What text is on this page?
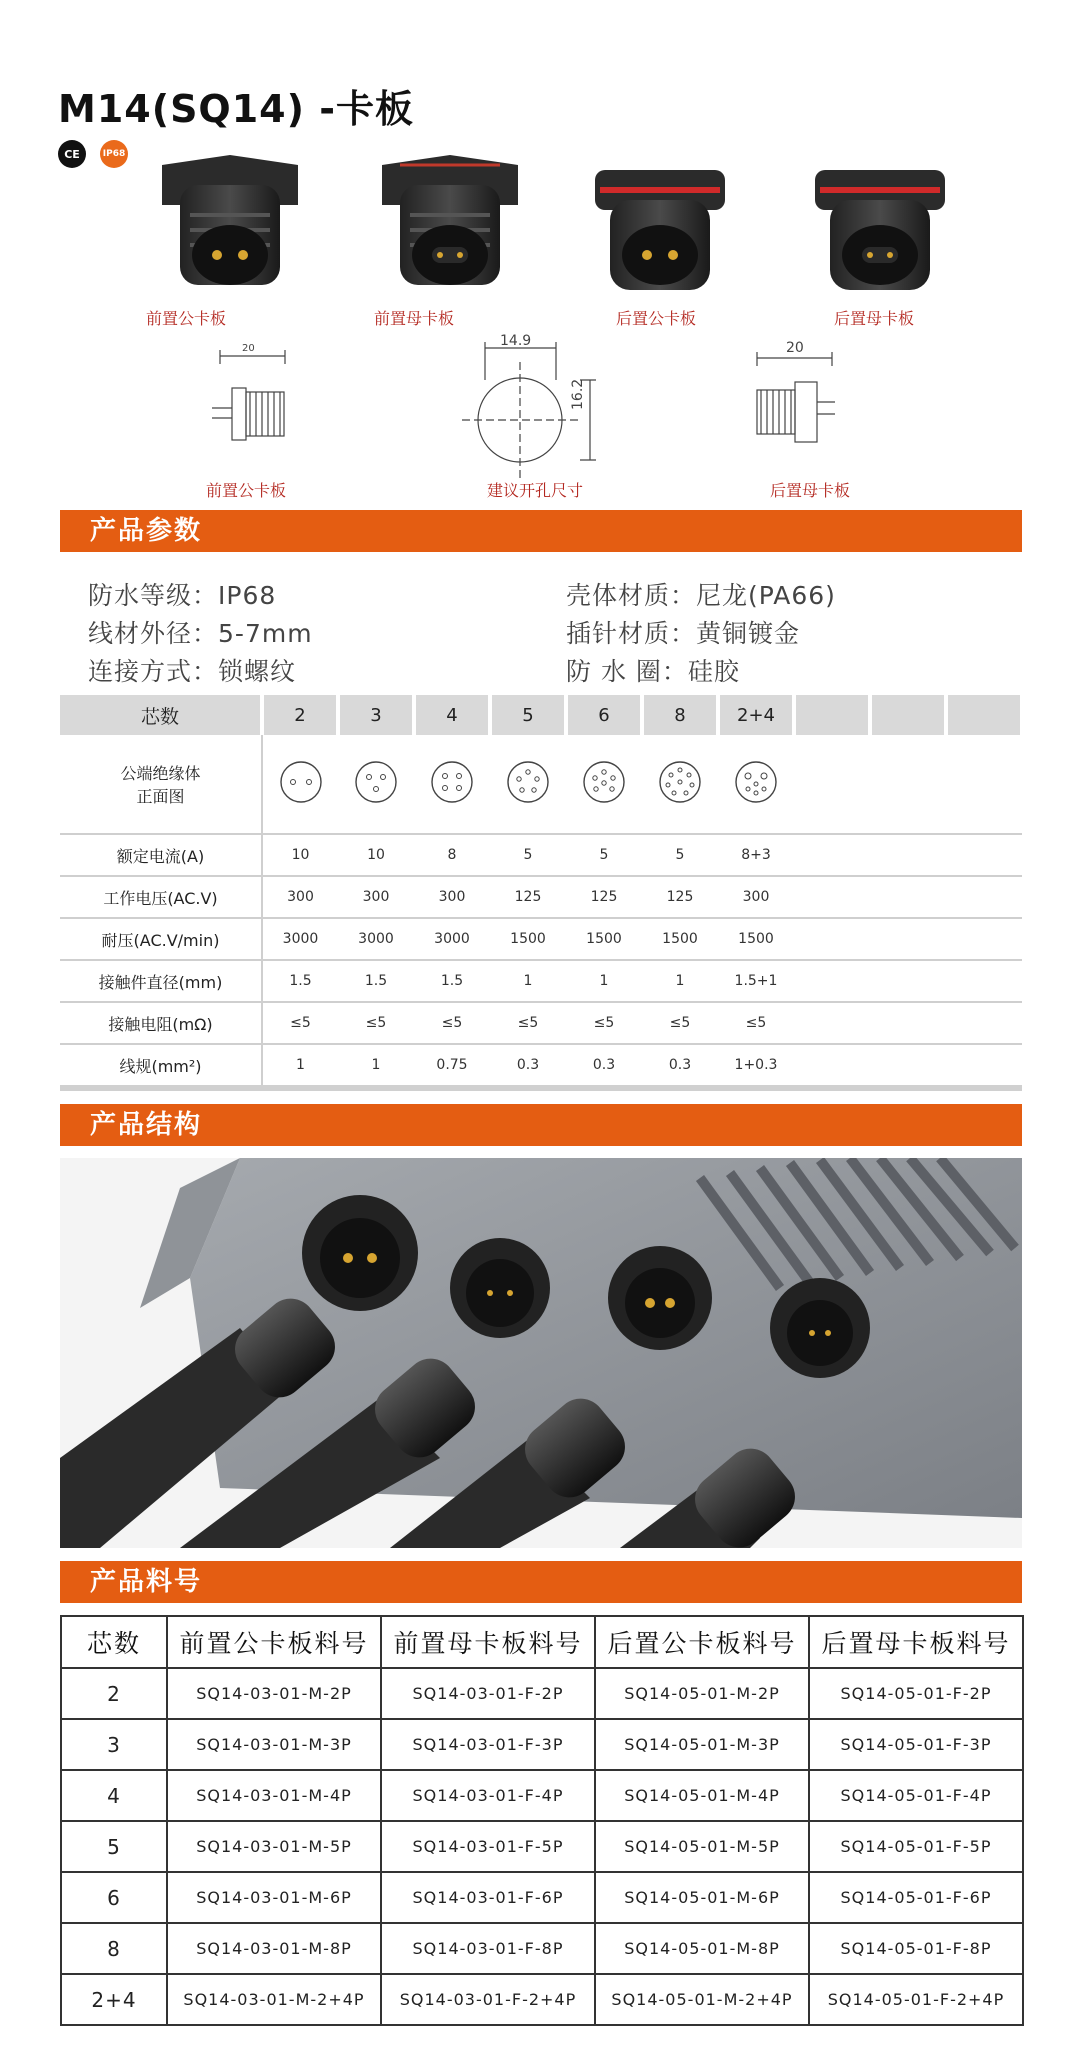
M14(SQ14) -卡板
CE	IP68
前置公卡板	前置母卡板	后置公卡板	后置母卡板
20	14.9
16.2
20
前置公卡板	建议开孔尺寸	后置母卡板
产品参数
防水等级：IP68
线材外径：5-7mm
连接方式：锁螺纹
壳体材质：尼龙(PA66)
插针材质：黄铜镀金
防 水 圈：硅胶
芯数	2	3	4	5	6	8	2+4			

公端绝缘体
正面图

额定电流(A)	10	10	8	5	5	5	8+3			
工作电压(AC.V)	300	300	300	125	125	125	300			
耐压(AC.V/min)	3000	3000	3000	1500	1500	1500	1500			
接触件直径(mm)	1.5	1.5	1.5	1	1	1	1.5+1			
接触电阻(mΩ)	≤5	≤5	≤5	≤5	≤5	≤5	≤5			
线规(mm²)	1	1	0.75	0.3	0.3	0.3	1+0.3			
产品结构
产品料号
芯数	前置公卡板料号	前置母卡板料号	后置公卡板料号	后置母卡板料号
2	SQ14-03-01-M-2P	SQ14-03-01-F-2P	SQ14-05-01-M-2P	SQ14-05-01-F-2P
3	SQ14-03-01-M-3P	SQ14-03-01-F-3P	SQ14-05-01-M-3P	SQ14-05-01-F-3P
4	SQ14-03-01-M-4P	SQ14-03-01-F-4P	SQ14-05-01-M-4P	SQ14-05-01-F-4P
5	SQ14-03-01-M-5P	SQ14-03-01-F-5P	SQ14-05-01-M-5P	SQ14-05-01-F-5P
6	SQ14-03-01-M-6P	SQ14-03-01-F-6P	SQ14-05-01-M-6P	SQ14-05-01-F-6P
8	SQ14-03-01-M-8P	SQ14-03-01-F-8P	SQ14-05-01-M-8P	SQ14-05-01-F-8P
2+4	SQ14-03-01-M-2+4P	SQ14-03-01-F-2+4P	SQ14-05-01-M-2+4P	SQ14-05-01-F-2+4P
